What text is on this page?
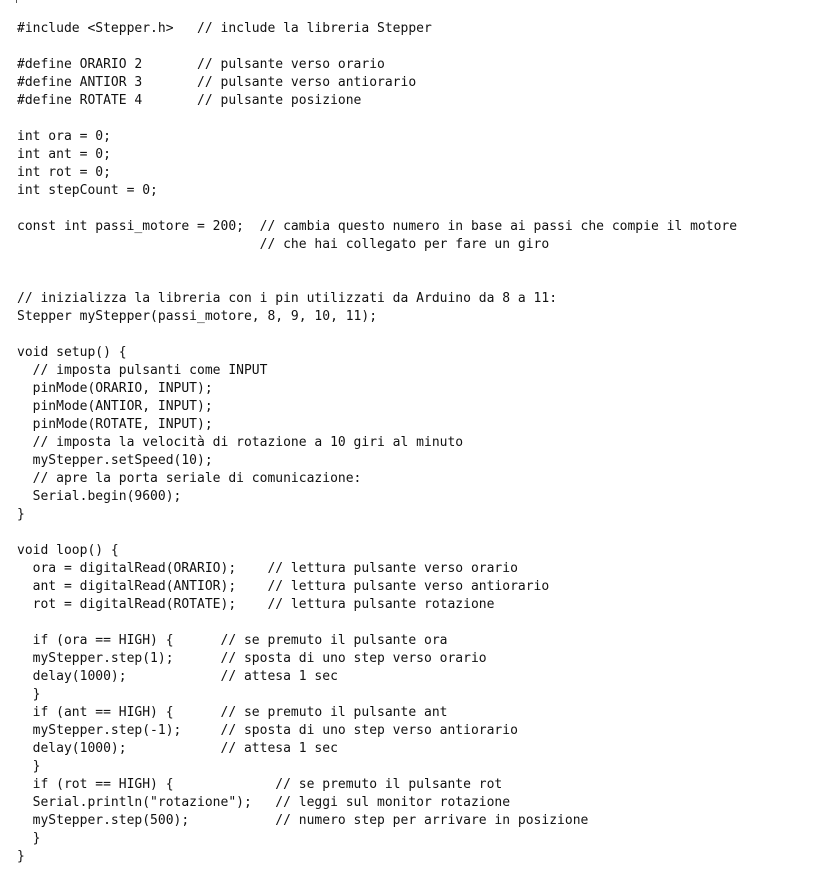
#include <Stepper.h>   // include la libreria Stepper
#define ORARIO 2       // pulsante verso orario
#define ANTIOR 3       // pulsante verso antiorario
#define ROTATE 4       // pulsante posizione
int ora = 0;
int ant = 0;
int rot = 0;
int stepCount = 0;
const int passi_motore = 200;  // cambia questo numero in base ai passi che compie il motore
// che hai collegato per fare un giro
// inizializza la libreria con i pin utilizzati da Arduino da 8 a 11:
Stepper myStepper(passi_motore, 8, 9, 10, 11);
void setup() {
// imposta pulsanti come INPUT
pinMode(ORARIO, INPUT);
pinMode(ANTIOR, INPUT);
pinMode(ROTATE, INPUT);
// imposta la velocità di rotazione a 10 giri al minuto
myStepper.setSpeed(10);
// apre la porta seriale di comunicazione:
Serial.begin(9600);
}
void loop() {
ora = digitalRead(ORARIO);    // lettura pulsante verso orario
ant = digitalRead(ANTIOR);    // lettura pulsante verso antiorario
rot = digitalRead(ROTATE);    // lettura pulsante rotazione
if (ora == HIGH) {      // se premuto il pulsante ora
myStepper.step(1);      // sposta di uno step verso orario
delay(1000);            // attesa 1 sec
}
if (ant == HIGH) {      // se premuto il pulsante ant
myStepper.step(-1);     // sposta di uno step verso antiorario
delay(1000);            // attesa 1 sec
}
if (rot == HIGH) {             // se premuto il pulsante rot
Serial.println("rotazione");   // leggi sul monitor rotazione
myStepper.step(500);           // numero step per arrivare in posizione
}
}
